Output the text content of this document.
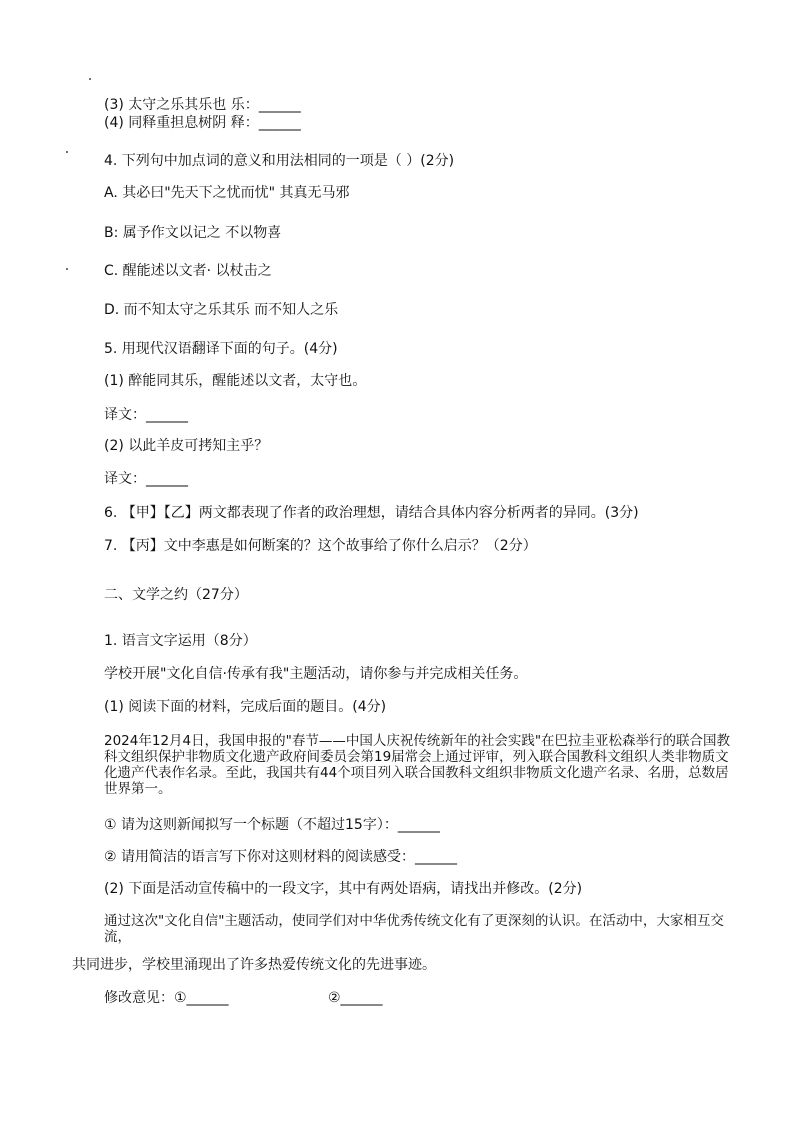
(3) 太守之乐其乐也 乐：______
(4) 同释重担息树阴 释：______
4. 下列句中加点词的意义和用法相同的一项是（ ）(2分)
A. 其必曰"先天下之忧而忧" 其真无马邪
B: 属予作文以记之 不以物喜
C. 醒能述以文者· 以杖击之
D. 而不知太守之乐其乐 而不知人之乐
5. 用现代汉语翻译下面的句子。(4分)
(1) 醉能同其乐，醒能述以文者，太守也。
译文：______
(2) 以此羊皮可拷知主乎？
译文：______
6. 【甲】【乙】两文都表现了作者的政治理想，请结合具体内容分析两者的异同。(3分)
7. 【丙】文中李惠是如何断案的？这个故事给了你什么启示？（2分）
二、文学之约（27分）
1. 语言文字运用（8分）
学校开展"文化自信·传承有我"主题活动，请你参与并完成相关任务。
(1) 阅读下面的材料，完成后面的题目。(4分)
2024年12月4日，我国申报的"春节——中国人庆祝传统新年的社会实践"在巴拉圭亚松森举行的联合国教科文组织保护非物质文化遗产政府间委员会第19届常会上通过评审，列入联合国教科文组织人类非物质文化遗产代表作名录。至此，我国共有44个项目列入联合国教科文组织非物质文化遗产名录、名册，总数居世界第一。
① 请为这则新闻拟写一个标题（不超过15字）：______
② 请用简洁的语言写下你对这则材料的阅读感受：______
(2) 下面是活动宣传稿中的一段文字，其中有两处语病，请找出并修改。(2分)
通过这次"文化自信"主题活动，使同学们对中华优秀传统文化有了更深刻的认识。在活动中，大家相互交流，
共同进步，学校里涌现出了许多热爱传统文化的先进事迹。
修改意见：①______	②______
